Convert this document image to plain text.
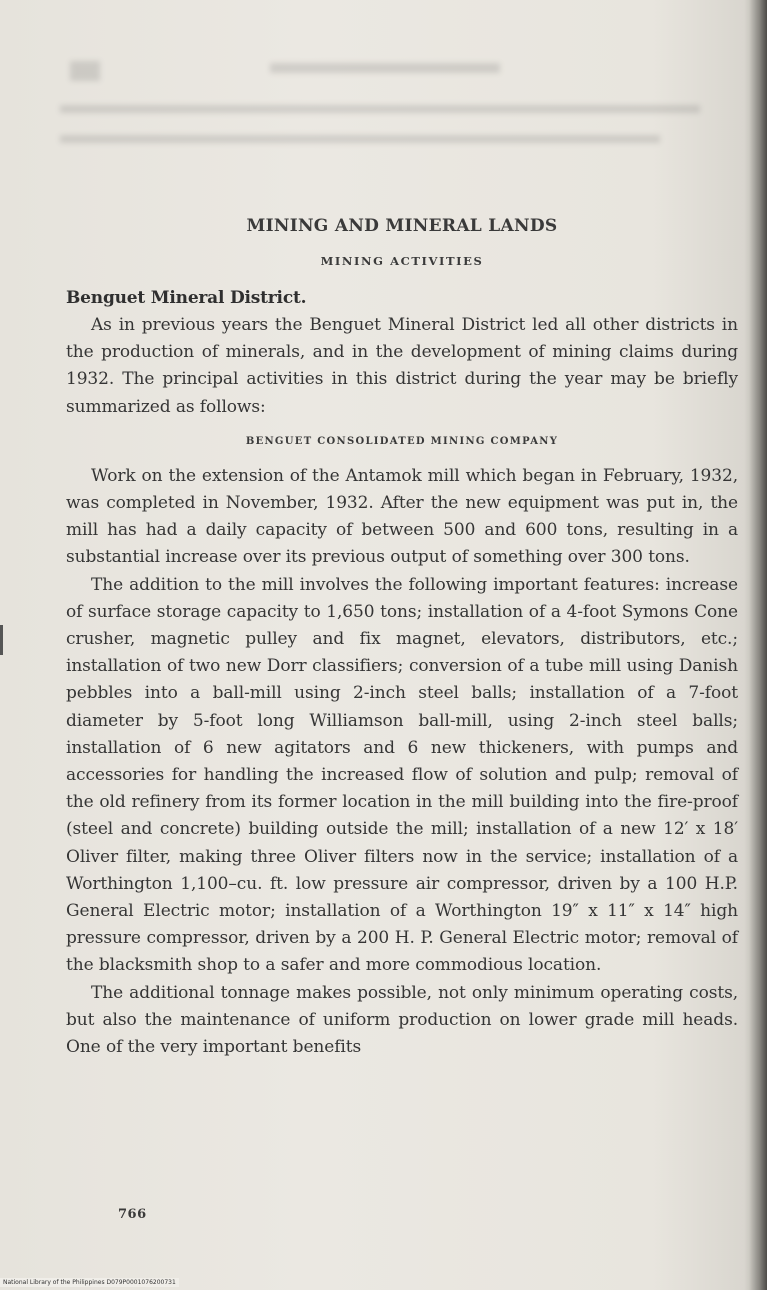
MINING AND MINERAL LANDS
MINING ACTIVITIES
Benguet Mineral District.

As in previous years the Benguet Mineral District led all other districts in the production of minerals, and in the development of mining claims during 1932. The principal activities in this district during the year may be briefly summarized as follows:

BENGUET CONSOLIDATED MINING COMPANY

Work on the extension of the Antamok mill which began in February, 1932, was completed in November, 1932. After the new equipment was put in, the mill has had a daily capacity of between 500 and 600 tons, resulting in a substantial increase over its previous output of something over 300 tons.

The addition to the mill involves the following important features: increase of surface storage capacity to 1,650 tons; installation of a 4-foot Symons Cone crusher, magnetic pulley and fix magnet, elevators, distributors, etc.; installation of two new Dorr classifiers; conversion of a tube mill using Danish pebbles into a ball-mill using 2-inch steel balls; installation of a 7-foot diameter by 5-foot long Williamson ball-mill, using 2-inch steel balls; installation of 6 new agitators and 6 new thickeners, with pumps and accessories for handling the increased flow of solution and pulp; removal of the old refinery from its former location in the mill building into the fire-proof (steel and concrete) building outside the mill; installation of a new 12′ x 18′ Oliver filter, making three Oliver filters now in the service; installation of a Worthington 1,100–cu. ft. low pressure air compressor, driven by a 100 H.P. General Electric motor; installation of a Worthington 19″ x 11″ x 14″ high pressure compressor, driven by a 200 H. P. General Electric motor; removal of the blacksmith shop to a safer and more commodious location.

The additional tonnage makes possible, not only minimum operating costs, but also the maintenance of uniform production on lower grade mill heads. One of the very important benefits

766
National Library of the Philippines D079P0001076200731
